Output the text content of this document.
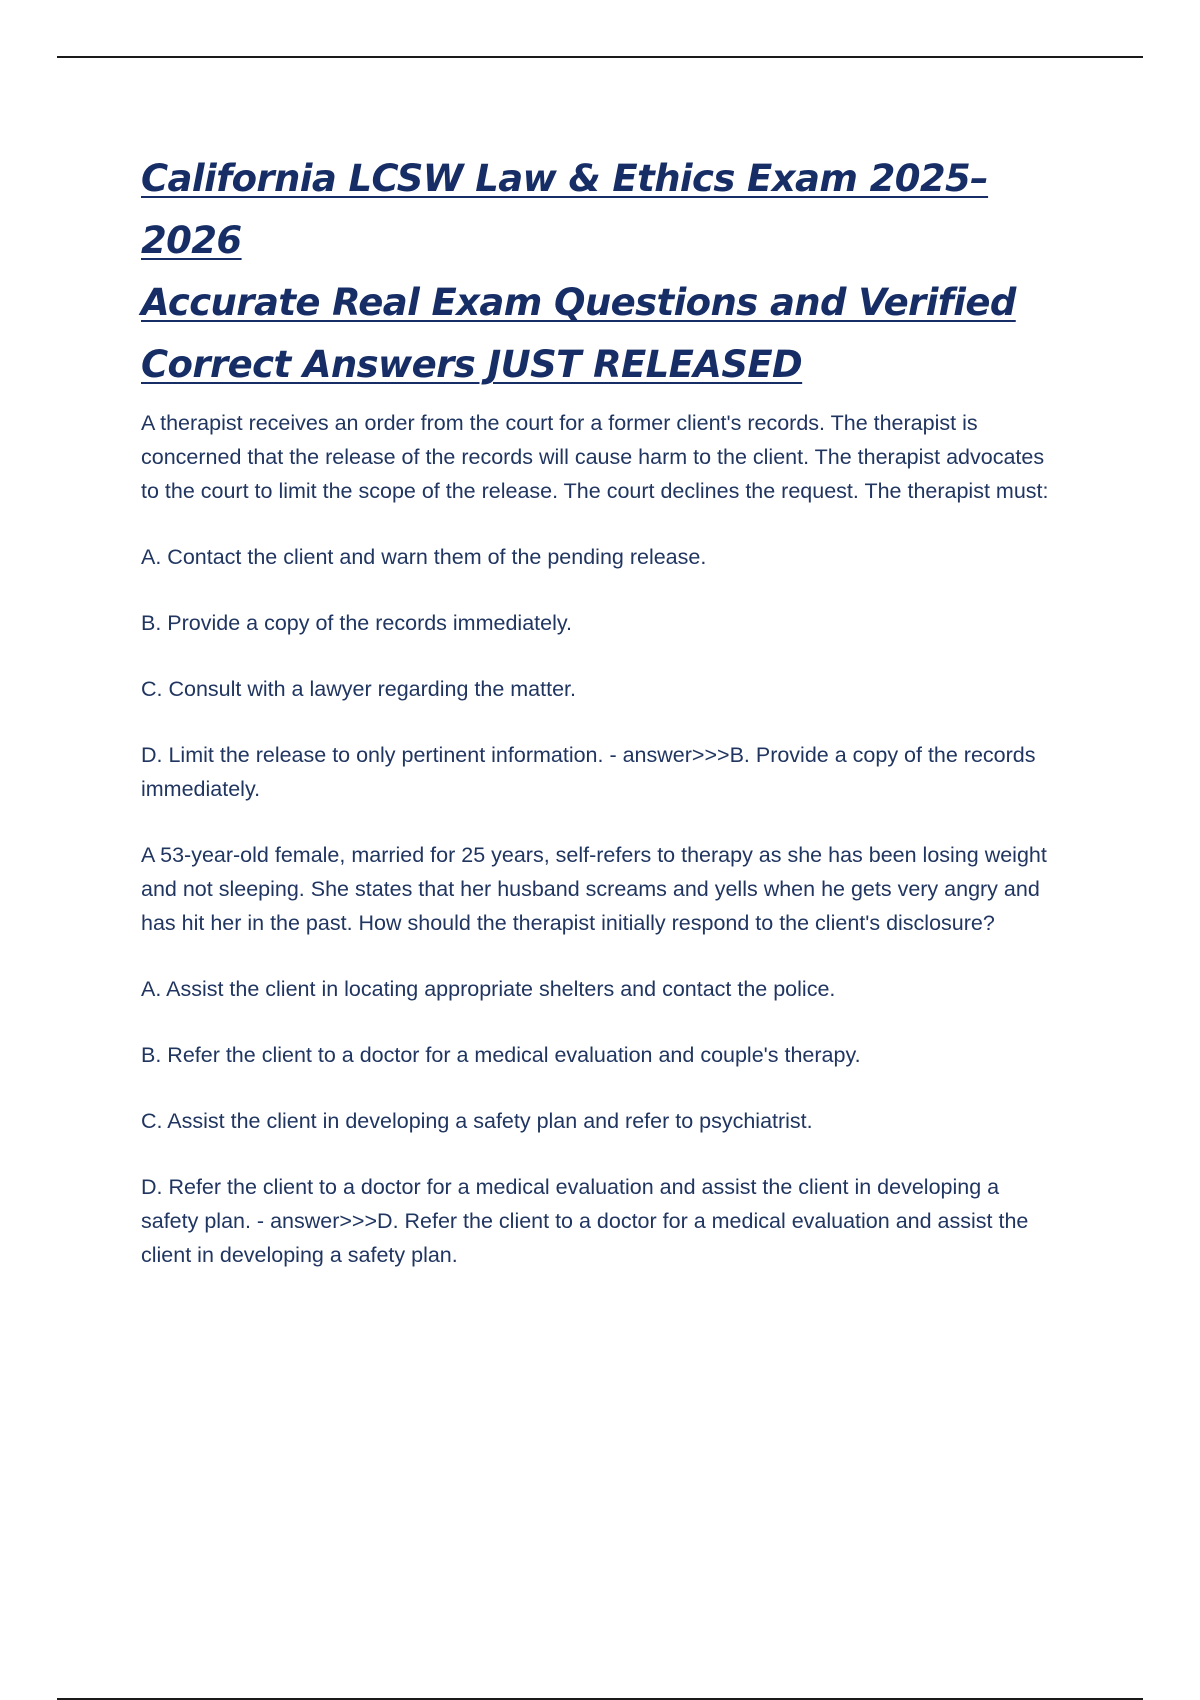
California LCSW Law & Ethics Exam 2025–2026
Accurate Real Exam Questions and Verified
Correct Answers JUST RELEASED

A therapist receives an order from the court for a former client's records. The therapist is concerned that the release of the records will cause harm to the client. The therapist advocates to the court to limit the scope of the release. The court declines the request. The therapist must:

A. Contact the client and warn them of the pending release.

B. Provide a copy of the records immediately.

C. Consult with a lawyer regarding the matter.

D. Limit the release to only pertinent information. - answer>>>B. Provide a copy of the records immediately.

A 53-year-old female, married for 25 years, self-refers to therapy as she has been losing weight and not sleeping. She states that her husband screams and yells when he gets very angry and has hit her in the past. How should the therapist initially respond to the client's disclosure?

A. Assist the client in locating appropriate shelters and contact the police.

B. Refer the client to a doctor for a medical evaluation and couple's therapy.

C. Assist the client in developing a safety plan and refer to psychiatrist.

D. Refer the client to a doctor for a medical evaluation and assist the client in developing a safety plan. - answer>>>D. Refer the client to a doctor for a medical evaluation and assist the client in developing a safety plan.
